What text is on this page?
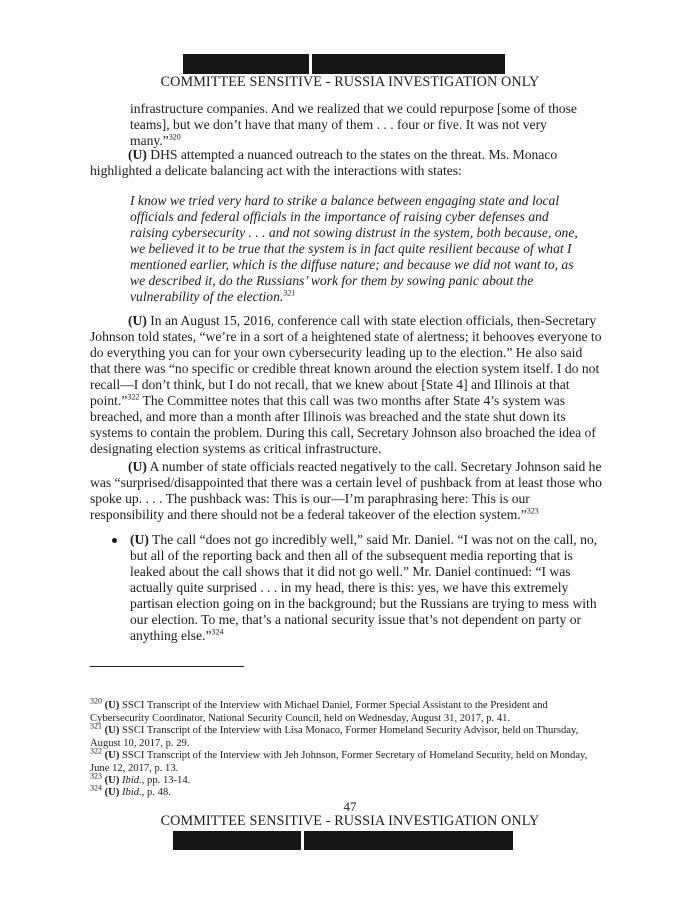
COMMITTEE SENSITIVE - RUSSIA INVESTIGATION ONLY

infrastructure companies. And we realized that we could repurpose [some of those teams], but we don’t have that many of them . . . four or five. It was not very many.”$^{320}$

(U) DHS attempted a nuanced outreach to the states on the threat. Ms. Monaco highlighted a delicate balancing act with the interactions with states:

I know we tried very hard to strike a balance between engaging state and local officials and federal officials in the importance of raising cyber defenses and raising cybersecurity . . . and not sowing distrust in the system, both because, one, we believed it to be true that the system is in fact quite resilient because of what I mentioned earlier, which is the diffuse nature; and because we did not want to, as we described it, do the Russians’ work for them by sowing panic about the vulnerability of the election.$^{321}$

(U) In an August 15, 2016, conference call with state election officials, then-Secretary Johnson told states, “we’re in a sort of a heightened state of alertness; it behooves everyone to do everything you can for your own cybersecurity leading up to the election.” He also said that there was “no specific or credible threat known around the election system itself. I do not recall—I don’t think, but I do not recall, that we knew about [State 4] and Illinois at that point.”$^{322}$ The Committee notes that this call was two months after State 4’s system was breached, and more than a month after Illinois was breached and the state shut down its systems to contain the problem. During this call, Secretary Johnson also broached the idea of designating election systems as critical infrastructure.

(U) A number of state officials reacted negatively to the call. Secretary Johnson said he was “surprised/disappointed that there was a certain level of pushback from at least those who spoke up. . . . The pushback was: This is our—I’m paraphrasing here: This is our responsibility and there should not be a federal takeover of the election system.”$^{323}$

(U) The call “does not go incredibly well,” said Mr. Daniel. “I was not on the call, no, but all of the reporting back and then all of the subsequent media reporting that is leaked about the call shows that it did not go well.” Mr. Daniel continued: “I was actually quite surprised . . . in my head, there is this: yes, we have this extremely partisan election going on in the background; but the Russians are trying to mess with our election. To me, that’s a national security issue that’s not dependent on party or anything else.”$^{324}$

$^{320}$ (U) SSCI Transcript of the Interview with Michael Daniel, Former Special Assistant to the President and Cybersecurity Coordinator, National Security Council, held on Wednesday, August 31, 2017, p. 41.

$^{321}$ (U) SSCI Transcript of the Interview with Lisa Monaco, Former Homeland Security Advisor, held on Thursday, August 10, 2017, p. 29.

$^{322}$ (U) SSCI Transcript of the Interview with Jeh Johnson, Former Secretary of Homeland Security, held on Monday, June 12, 2017, p. 13.

$^{323}$ (U) Ibid., pp. 13-14.

$^{324}$ (U) Ibid., p. 48.

47
COMMITTEE SENSITIVE - RUSSIA INVESTIGATION ONLY
